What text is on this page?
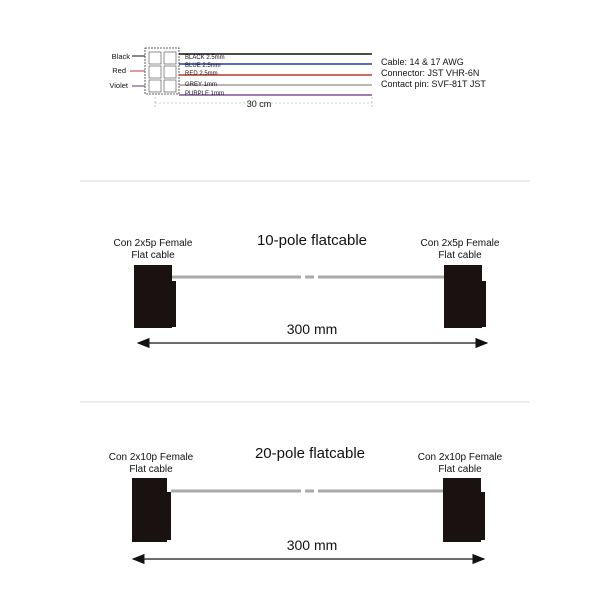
Black
Red
Violet
BLACK 2.5mm
BLUE 2.5mm
RED 2.5mm
GREY 1mm
PURPLE 1mm
30 cm
Cable: 14 & 17 AWG
Connector: JST VHR-6N
Contact pin: SVF-81T JST
10-pole flatcable
Con 2x5p Female
Flat cable
Con 2x5p Female
Flat cable
300 mm
20-pole flatcable
Con 2x10p Female
Flat cable
Con 2x10p Female
Flat cable
300 mm
